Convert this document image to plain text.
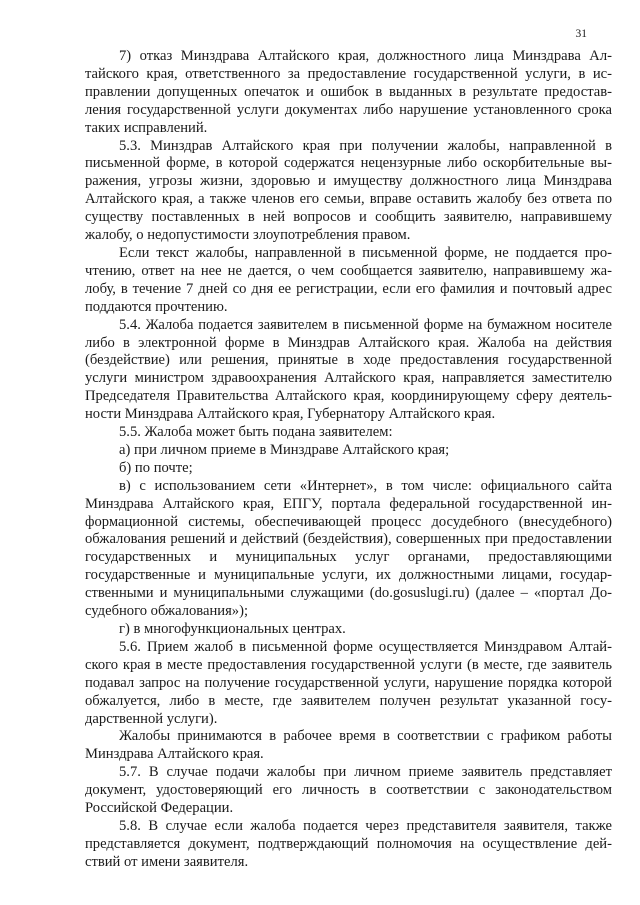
31

7) отказ Минздрава Алтайского края, должностного лица Минздрава Алтайского края, ответственного за предоставление государственной услуги, в исправлении допущенных опечаток и ошибок в выданных в результате предоставления государственной услуги документах либо нарушение установленного срока таких исправлений.

5.3. Минздрав Алтайского края при получении жалобы, направленной в письменной форме, в которой содержатся нецензурные либо оскорбительные выражения, угрозы жизни, здоровью и имуществу должностного лица Минздрава Алтайского края, а также членов его семьи, вправе оставить жалобу без ответа по существу поставленных в ней вопросов и сообщить заявителю, направившему жалобу, о недопустимости злоупотребления правом.

Если текст жалобы, направленной в письменной форме, не поддается прочтению, ответ на нее не дается, о чем сообщается заявителю, направившему жалобу, в течение 7 дней со дня ее регистрации, если его фамилия и почтовый адрес поддаются прочтению.

5.4. Жалоба подается заявителем в письменной форме на бумажном носителе либо в электронной форме в Минздрав Алтайского края. Жалоба на действия (бездействие) или решения, принятые в ходе предоставления государственной услуги министром здравоохранения Алтайского края, направляется заместителю Председателя Правительства Алтайского края, координирующему сферу деятельности Минздрава Алтайского края, Губернатору Алтайского края.

5.5. Жалоба может быть подана заявителем:

а) при личном приеме в Минздраве Алтайского края;

б) по почте;

в) с использованием сети «Интернет», в том числе: официального сайта Минздрава Алтайского края, ЕПГУ, портала федеральной государственной информационной системы, обеспечивающей процесс досудебного (внесудебного) обжалования решений и действий (бездействия), совершенных при предоставлении государственных и муниципальных услуг органами, предоставляющими государственные и муниципальные услуги, их должностными лицами, государственными и муниципальными служащими (do.gosuslugi.ru) (далее – «портал Досудебного обжалования»);

г) в многофункциональных центрах.

5.6. Прием жалоб в письменной форме осуществляется Минздравом Алтайского края в месте предоставления государственной услуги (в месте, где заявитель подавал запрос на получение государственной услуги, нарушение порядка которой обжалуется, либо в месте, где заявителем получен результат указанной государственной услуги).

Жалобы принимаются в рабочее время в соответствии с графиком работы Минздрава Алтайского края.

5.7. В случае подачи жалобы при личном приеме заявитель представляет документ, удостоверяющий его личность в соответствии с законодательством Российской Федерации.

5.8. В случае если жалоба подается через представителя заявителя, также представляется документ, подтверждающий полномочия на осуществление действий от имени заявителя.
